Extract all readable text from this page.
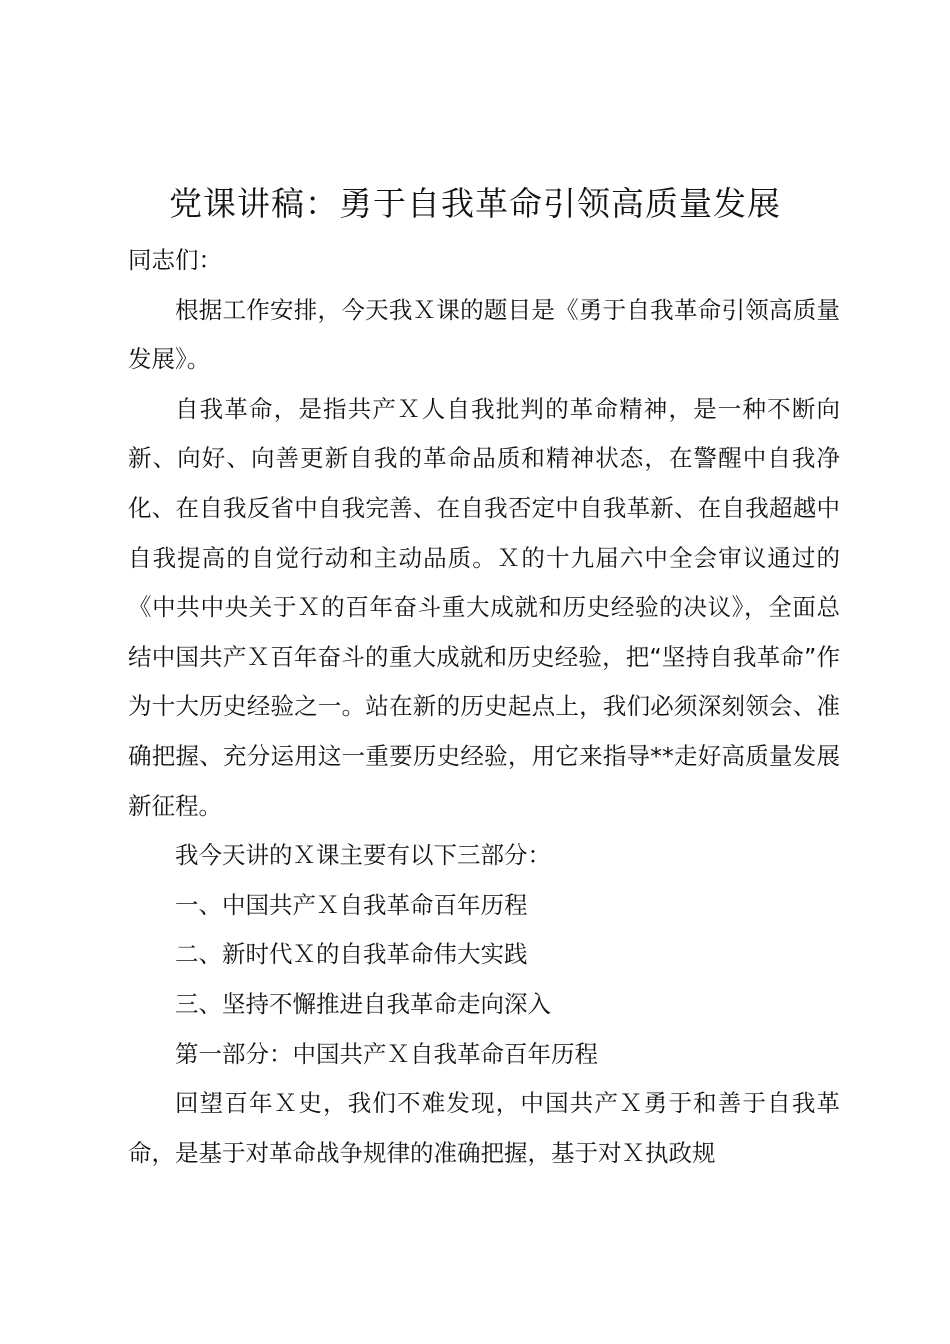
党课讲稿：勇于自我革命引领高质量发展

同志们：

根据工作安排，今天我Ｘ课的题目是《勇于自我革命引领高质量发展》。

自我革命，是指共产Ｘ人自我批判的革命精神，是一种不断向新、向好、向善更新自我的革命品质和精神状态，在警醒中自我净化、在自我反省中自我完善、在自我否定中自我革新、在自我超越中自我提高的自觉行动和主动品质。Ｘ的十九届六中全会审议通过的《中共中央关于Ｘ的百年奋斗重大成就和历史经验的决议》，全面总结中国共产Ｘ百年奋斗的重大成就和历史经验，把“坚持自我革命”作为十大历史经验之一。站在新的历史起点上，我们必须深刻领会、准确把握、充分运用这一重要历史经验，用它来指导**走好高质量发展新征程。

我今天讲的Ｘ课主要有以下三部分：

一、中国共产Ｘ自我革命百年历程

二、新时代Ｘ的自我革命伟大实践

三、坚持不懈推进自我革命走向深入

第一部分：中国共产Ｘ自我革命百年历程

回望百年Ｘ史，我们不难发现，中国共产Ｘ勇于和善于自我革命，是基于对革命战争规律的准确把握，基于对Ｘ执政规
